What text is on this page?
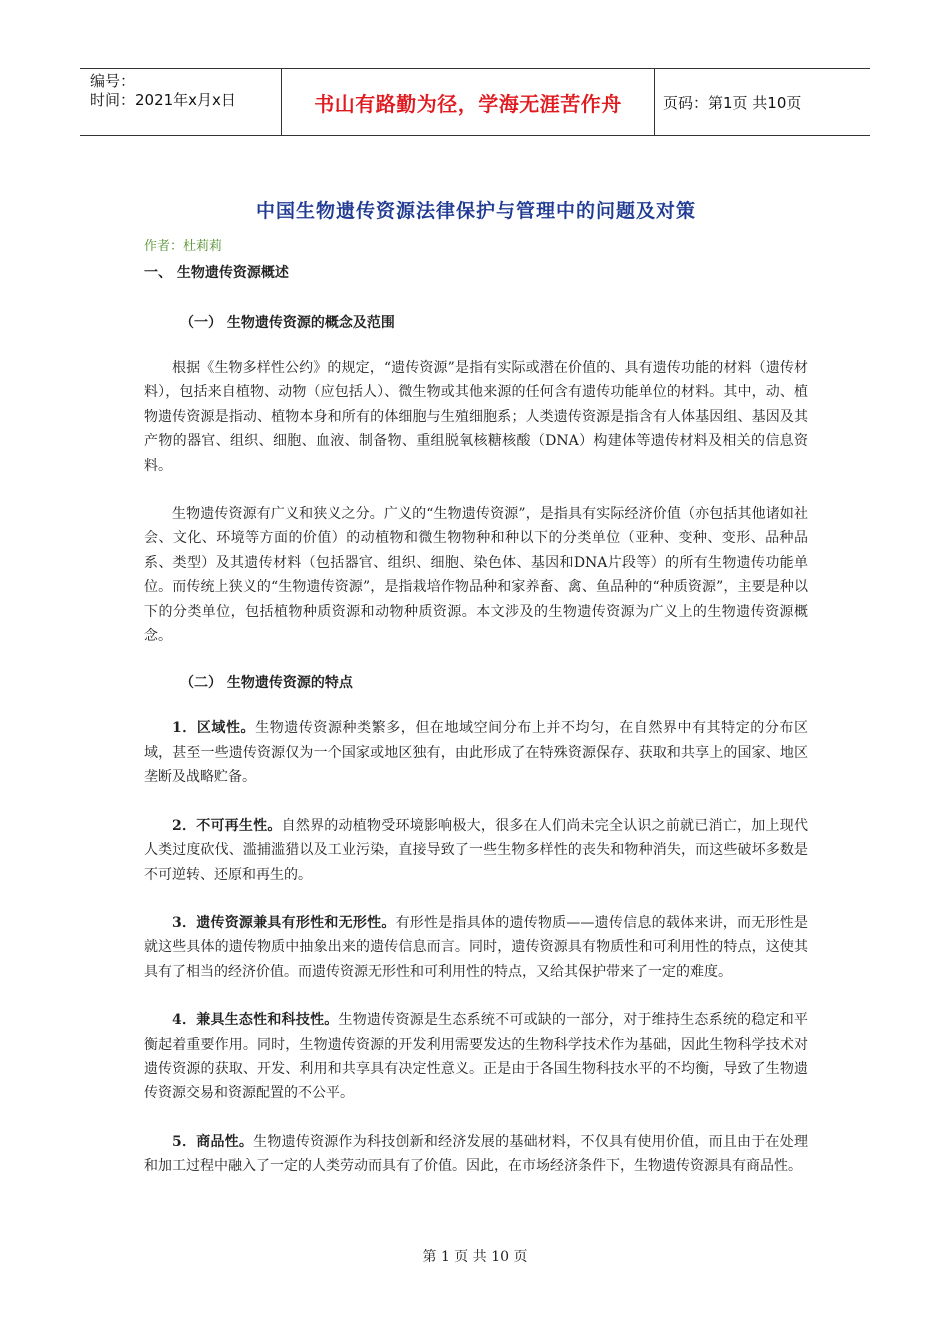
编号：
时间：2021年x月x日	书山有路勤为径，学海无涯苦作舟	页码：第1页 共10页
中国生物遗传资源法律保护与管理中的问题及对策
作者：杜莉莉
一、 生物遗传资源概述
（一） 生物遗传资源的概念及范围

根据《生物多样性公约》的规定，“遗传资源”是指有实际或潜在价值的、具有遗传功能的材料（遗传材料），包括来自植物、动物（应包括人）、微生物或其他来源的任何含有遗传功能单位的材料。其中，动、植物遗传资源是指动、植物本身和所有的体细胞与生殖细胞系；人类遗传资源是指含有人体基因组、基因及其产物的器官、组织、细胞、血液、制备物、重组脱氧核糖核酸（DNA）构建体等遗传材料及相关的信息资料。

生物遗传资源有广义和狭义之分。广义的“生物遗传资源”，是指具有实际经济价值（亦包括其他诸如社会、文化、环境等方面的价值）的动植物和微生物物种和种以下的分类单位（亚种、变种、变形、品种品系、类型）及其遗传材料（包括器官、组织、细胞、染色体、基因和DNA片段等）的所有生物遗传功能单位。而传统上狭义的“生物遗传资源”，是指栽培作物品种和家养畜、禽、鱼品种的“种质资源”，主要是种以下的分类单位，包括植物种质资源和动物种质资源。本文涉及的生物遗传资源为广义上的生物遗传资源概念。

（二） 生物遗传资源的特点

1．区域性。生物遗传资源种类繁多，但在地域空间分布上并不均匀，在自然界中有其特定的分布区域，甚至一些遗传资源仅为一个国家或地区独有，由此形成了在特殊资源保存、获取和共享上的国家、地区垄断及战略贮备。

2．不可再生性。自然界的动植物受环境影响极大，很多在人们尚未完全认识之前就已消亡，加上现代人类过度砍伐、滥捕滥猎以及工业污染，直接导致了一些生物多样性的丧失和物种消失，而这些破坏多数是不可逆转、还原和再生的。

3．遗传资源兼具有形性和无形性。有形性是指具体的遗传物质——遗传信息的载体来讲，而无形性是就这些具体的遗传物质中抽象出来的遗传信息而言。同时，遗传资源具有物质性和可利用性的特点，这使其具有了相当的经济价值。而遗传资源无形性和可利用性的特点，又给其保护带来了一定的难度。

4．兼具生态性和科技性。生物遗传资源是生态系统不可或缺的一部分，对于维持生态系统的稳定和平衡起着重要作用。同时，生物遗传资源的开发利用需要发达的生物科学技术作为基础，因此生物科学技术对遗传资源的获取、开发、利用和共享具有决定性意义。正是由于各国生物科技水平的不均衡，导致了生物遗传资源交易和资源配置的不公平。

5．商品性。生物遗传资源作为科技创新和经济发展的基础材料，不仅具有使用价值，而且由于在处理和加工过程中融入了一定的人类劳动而具有了价值。因此，在市场经济条件下，生物遗传资源具有商品性。

第 1 页 共 10 页
